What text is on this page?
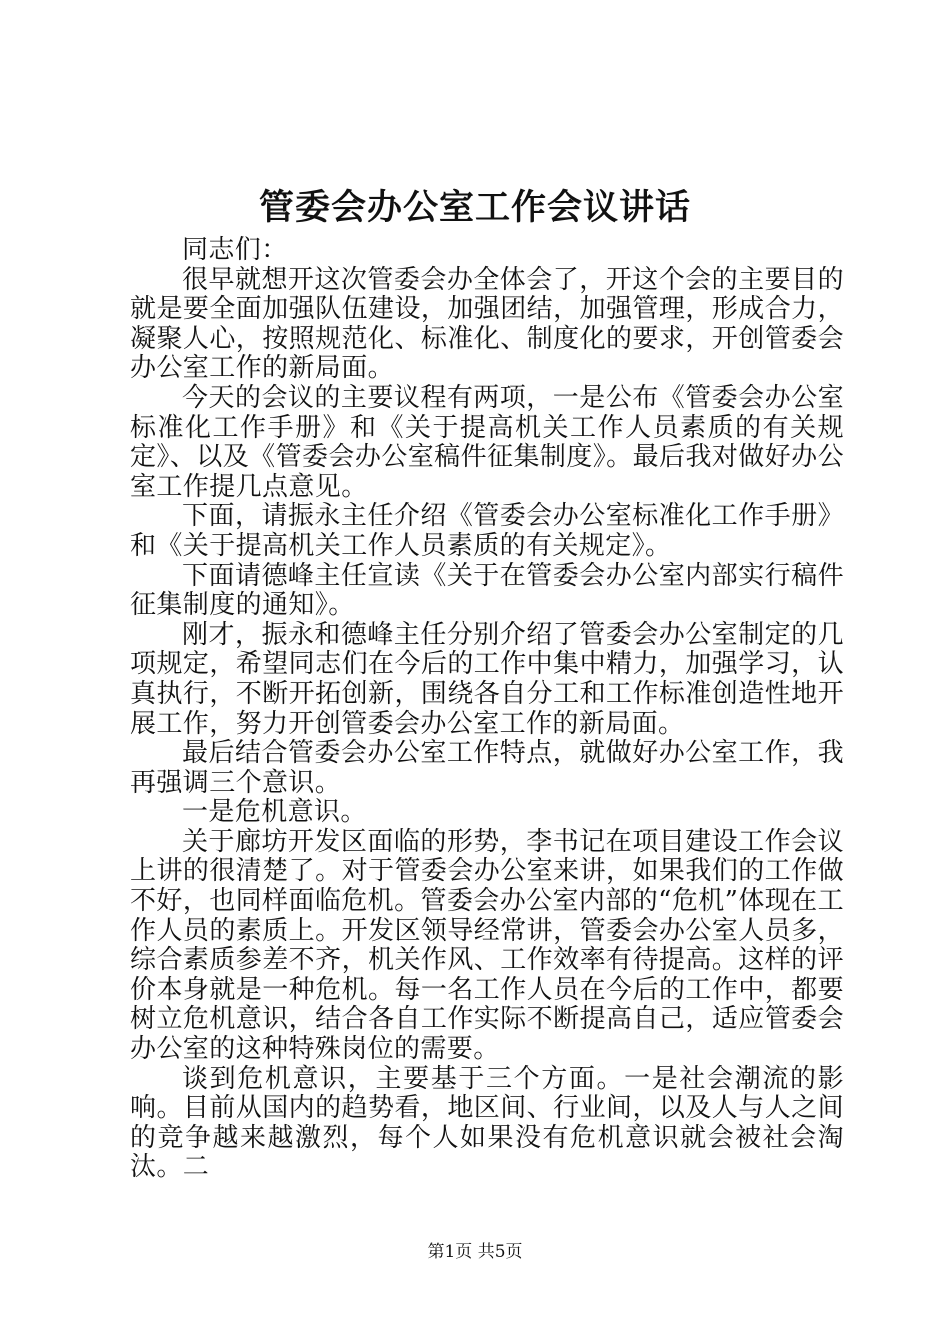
管委会办公室工作会议讲话

同志们：

很早就想开这次管委会办全体会了，开这个会的主要目的就是要全面加强队伍建设，加强团结，加强管理，形成合力，凝聚人心，按照规范化、标准化、制度化的要求，开创管委会办公室工作的新局面。

今天的会议的主要议程有两项，一是公布《管委会办公室标准化工作手册》和《关于提高机关工作人员素质的有关规定》、以及《管委会办公室稿件征集制度》。最后我对做好办公室工作提几点意见。

下面，请振永主任介绍《管委会办公室标准化工作手册》和《关于提高机关工作人员素质的有关规定》。

下面请德峰主任宣读《关于在管委会办公室内部实行稿件征集制度的通知》。

刚才，振永和德峰主任分别介绍了管委会办公室制定的几项规定，希望同志们在今后的工作中集中精力，加强学习，认真执行，不断开拓创新，围绕各自分工和工作标准创造性地开展工作，努力开创管委会办公室工作的新局面。

最后结合管委会办公室工作特点，就做好办公室工作，我再强调三个意识。

一是危机意识。

关于廊坊开发区面临的形势，李书记在项目建设工作会议上讲的很清楚了。对于管委会办公室来讲，如果我们的工作做不好，也同样面临危机。管委会办公室内部的“危机”体现在工作人员的素质上。开发区领导经常讲，管委会办公室人员多，综合素质参差不齐，机关作风、工作效率有待提高。这样的评价本身就是一种危机。每一名工作人员在今后的工作中，都要树立危机意识，结合各自工作实际不断提高自己，适应管委会办公室的这种特殊岗位的需要。

谈到危机意识，主要基于三个方面。一是社会潮流的影响。目前从国内的趋势看，地区间、行业间，以及人与人之间的竞争越来越激烈，每个人如果没有危机意识就会被社会淘汰。二

第1页 共5页
